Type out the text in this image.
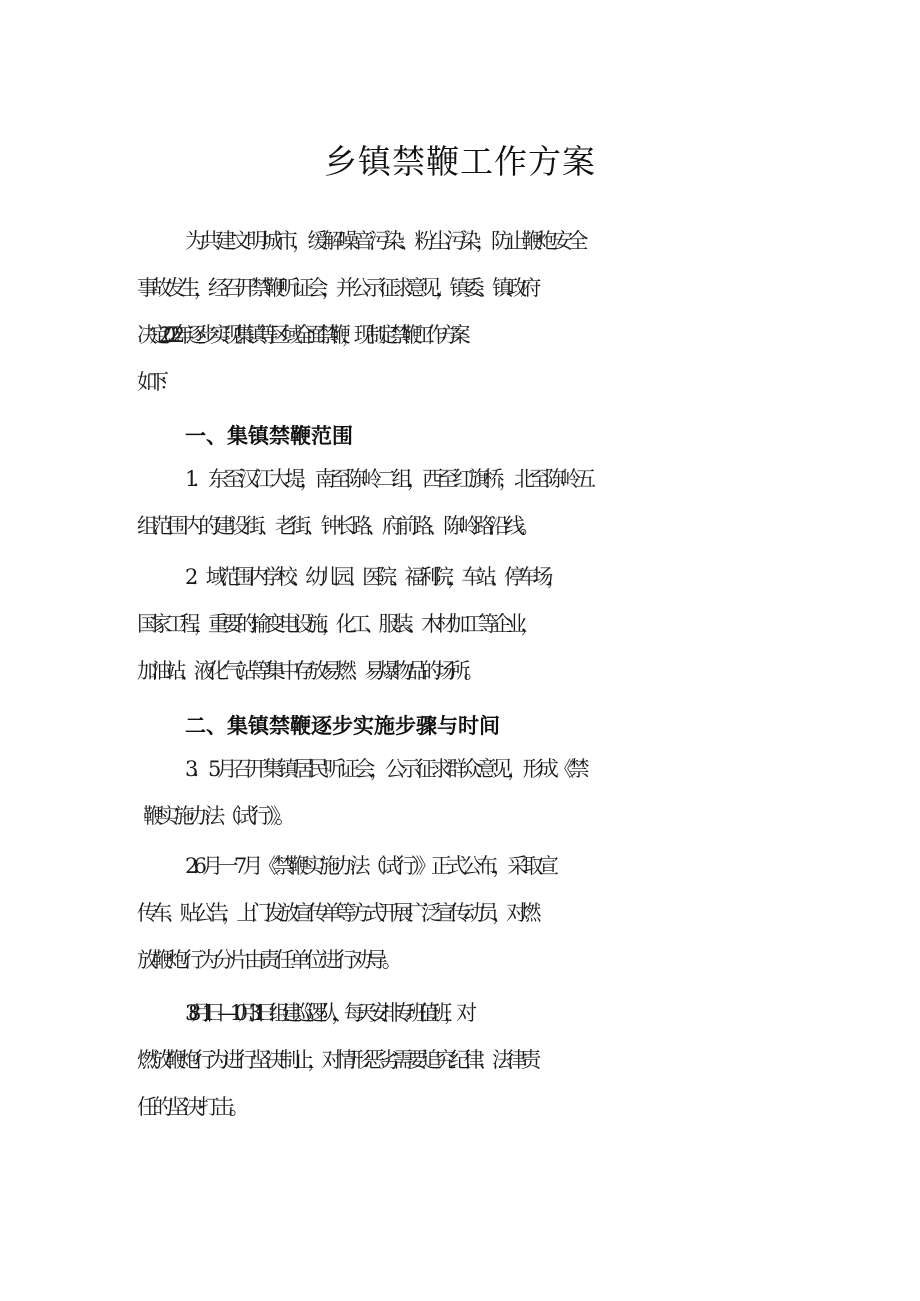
乡镇禁鞭工作方案
为共建文明城市，缓解噪音污染、粉尘污染，防止鞭炮安全
事故发生，经召开禁鞭听证会，并公示征求意见，镇委、镇政府
决定 2022 年逐步实现集镇等区域全面禁鞭，现制定禁鞭工作方案
如下：
一、集镇禁鞭范围
1．东至汉江大堤，南至陈岭二组，西至红旗桥，北至陈岭五
组范围内的建设街、老街、钟长路、府前路、陈岭路沿线。
2．域范围内学校、幼儿园、医院、福利院，车站、停车场，
国家工程，重要的输变电设施，化工、服装、木材加工等企业，
加油站、液化气站等集中存放易燃、易爆物品的场所。
二、集镇禁鞭逐步实施步骤与时间
3．5 月召开集镇居民听证会，公示征求群众意见，形成《禁
鞭实施办法（试行）》。
2.6 月一 7 月《禁鞭实施办法（试行）》正式公布，采取宣
传车、贴公告，上门发放宣传单等方式开展广泛宣传动员，对燃
放鞭炮行为分片由责任单位进行劝导。
3.8 月 1 日—10 月 31 日组建巡逻队，每天安排专班值班，对
燃放鞭炮行为进行坚决制止，对情形恶劣需要追究纪律、法律责
任的坚决打击。
